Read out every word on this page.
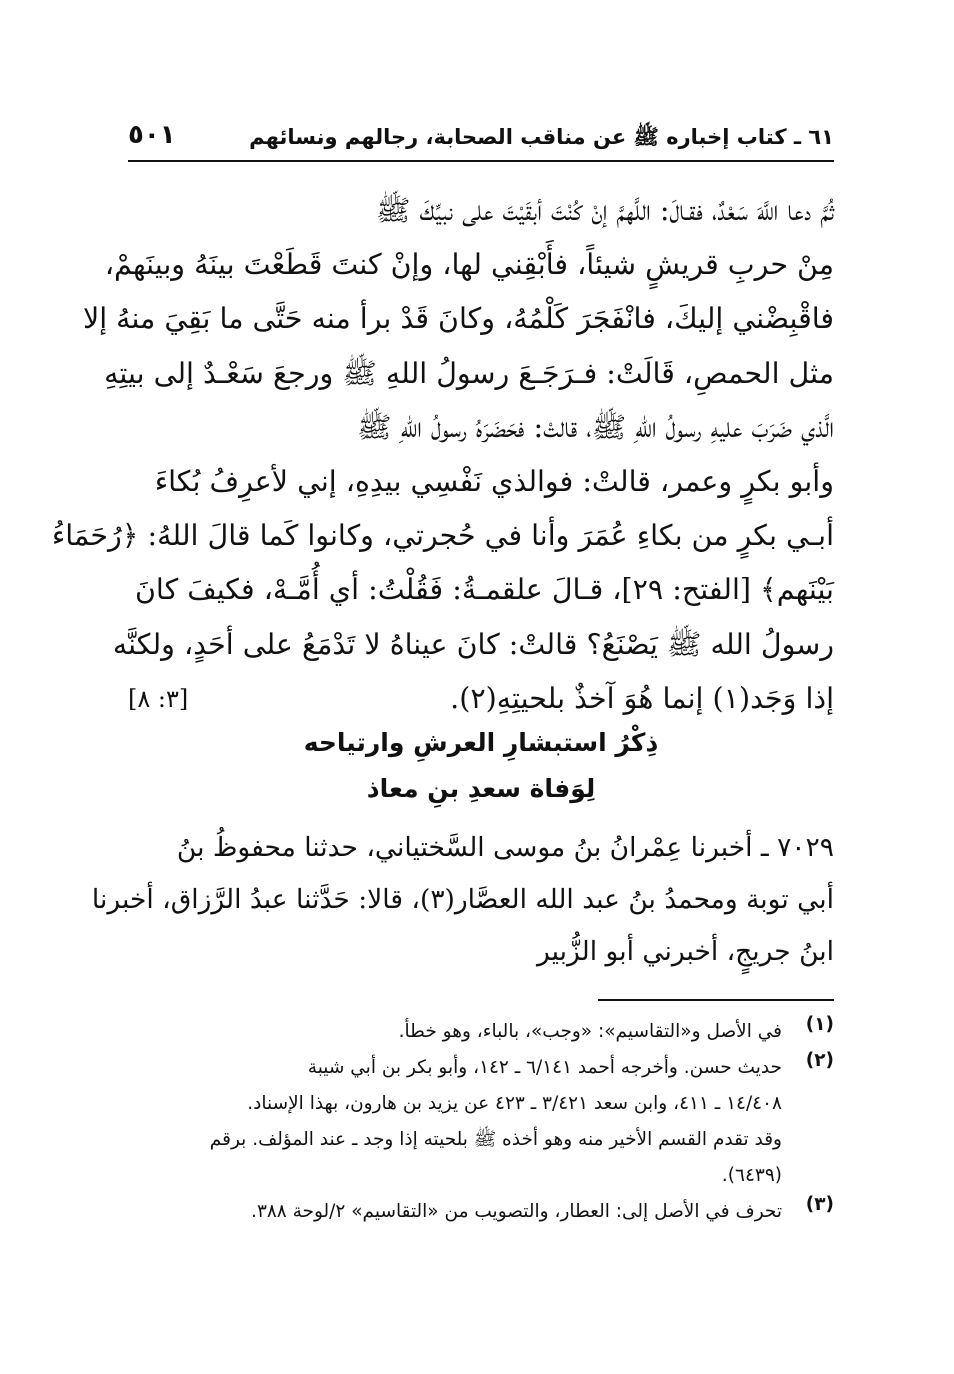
٦١ ـ كتاب إخباره ﷺ عن مناقب الصحابة، رجالهم ونسائهم
٥٠١
ثُمَّ دعا اللَّهَ سَعْدٌ، فقـالَ: اللَّهمَّ إنْ كُنْتَ أبقَيْتَ على نبيِّكَ ﷺ
مِنْ حربِ قريشٍ شيئاً، فأَبْقِني لها، وإنْ كنتَ قَطَعْتَ بينَهُ وبينَهمْ،
فاقْبِضْني إليكَ، فانْفَجَرَ كَلْمُهُ، وكانَ قَدْ برأ منه حَتَّى ما بَقِيَ منهُ إلا
مثل الحمصِ، قَالَتْ: فـرَجَـعَ رسولُ اللهِ ﷺ ورجعَ سَعْـدٌ إلى بيتِهِ
الَّذي ضَرَبَ عليهِ رسولُ اللهِ ﷺ، قالتْ: فحَضَرَهُ رسولُ اللهِ ﷺ
وأبو بكرٍ وعمر، قالتْ: فوالذي نَفْسِي بيدِهِ، إني لأعرِفُ بُكاءَ
أبـي بكرٍ من بكاءِ عُمَرَ وأنا في حُجرتي، وكانوا كَما قالَ اللهُ: ﴿رُحَمَاءُ
بَيْنَهم﴾ [الفتح: ٢٩]، قـالَ علقمـةُ: فَقُلْتُ: أي أُمَّـهْ، فكيفَ كانَ
رسولُ الله ﷺ يَصْنَعُ؟ قالتْ: كانَ عيناهُ لا تَدْمَعُ على أحَدٍ، ولكنَّه
إذا وَجَد(١) إنما هُوَ آخذٌ بلحيتِهِ(٢).
[٣: ٨]
ذِكْرُ استبشارِ العرشِ وارتياحه
لِوَفاة سعدِ بنِ معاذ
٧٠٢٩ ـ أخبرنا عِمْرانُ بنُ موسى السَّختياني، حدثنا محفوظُ بنُ
أبي توبة ومحمدُ بنُ عبد الله العصَّار(٣)، قالا: حَدَّثنا عبدُ الرَّزاق، أخبرنا
ابنُ جريجٍ، أخبرني أبو الزُّبير
(١)
في الأصل و«التقاسيم»: «وجب»، بالباء، وهو خطأ.
(٢)
حديث حسن. وأخرجه أحمد ٦/١٤١ ـ ١٤٢، وأبو بكر بن أبي شيبة
١٤/٤٠٨ ـ ٤١١، وابن سعد ٣/٤٢١ ـ ٤٢٣ عن يزيد بن هارون، بهذا الإسناد.
وقد تقدم القسم الأخير منه وهو أخذه ﷺ بلحيته إذا وجد ـ عند المؤلف. برقم
(٦٤٣٩).
(٣)
تحرف في الأصل إلى: العطار، والتصويب من «التقاسيم» ٢/لوحة ٣٨٨.
